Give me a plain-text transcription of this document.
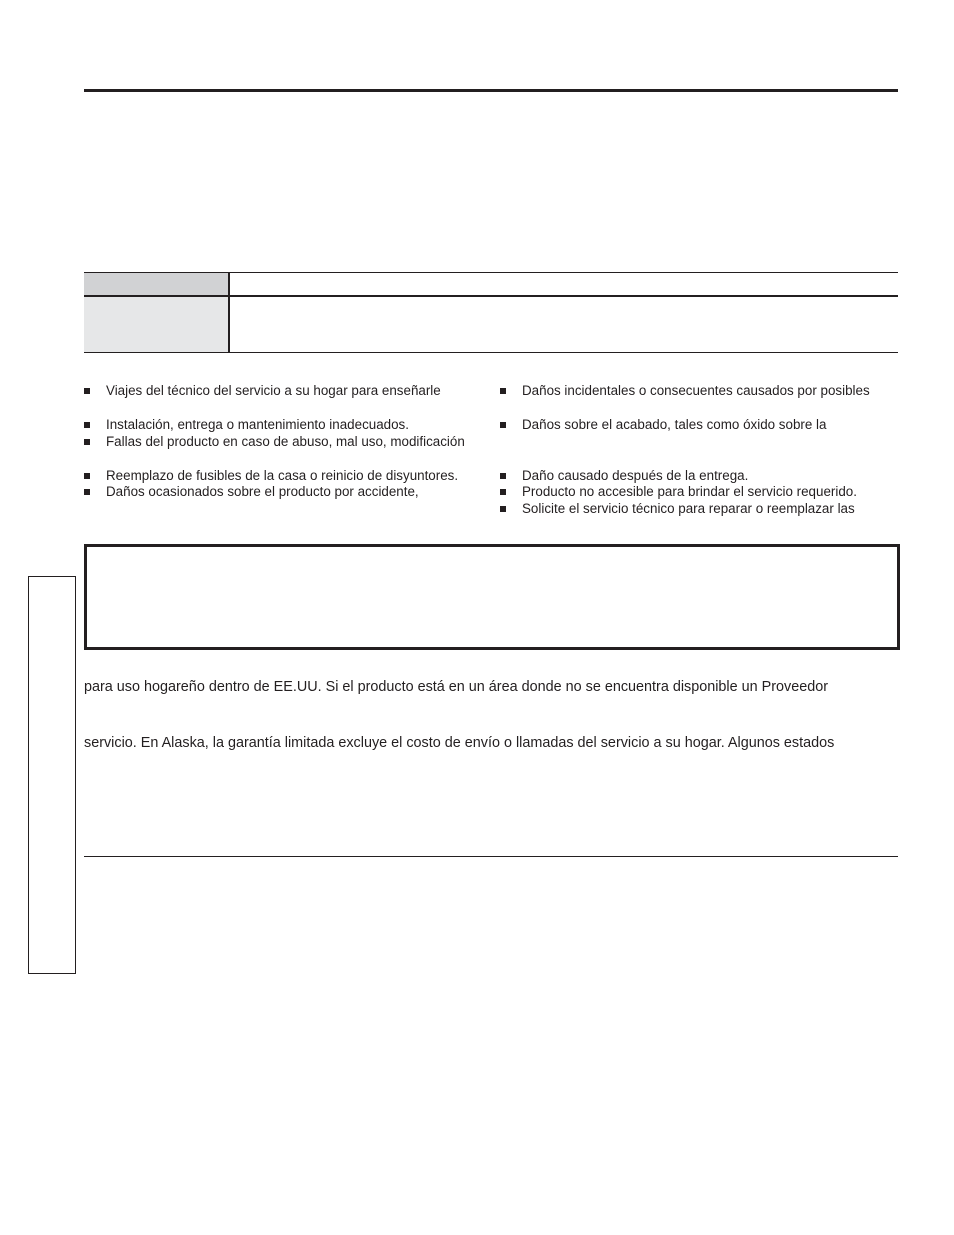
Viajes del técnico del servicio a su hogar para enseñarle
Instalación, entrega o mantenimiento inadecuados.
Fallas del producto en caso de abuso, mal uso, modificación
Reemplazo de fusibles de la casa o reinicio de disyuntores.
Daños ocasionados sobre el producto por accidente,
Daños incidentales o consecuentes causados por posibles
Daños sobre el acabado, tales como óxido sobre la
Daño causado después de la entrega.
Producto no accesible para brindar el servicio requerido.
Solicite el servicio técnico para reparar o reemplazar las
para uso hogareño dentro de EE.UU. Si el producto está en un área donde no se encuentra disponible un Proveedor
servicio. En Alaska, la garantía limitada excluye el costo de envío o llamadas del servicio a su hogar. Algunos estados
